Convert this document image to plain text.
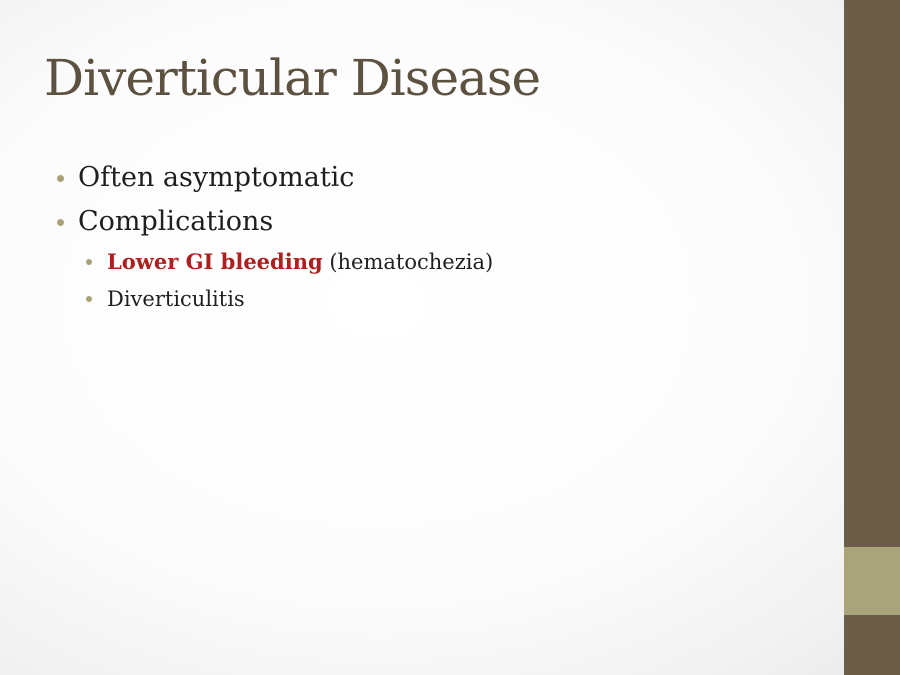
Diverticular Disease
Often asymptomatic
Complications
Lower GI bleeding (hematochezia)
Diverticulitis
